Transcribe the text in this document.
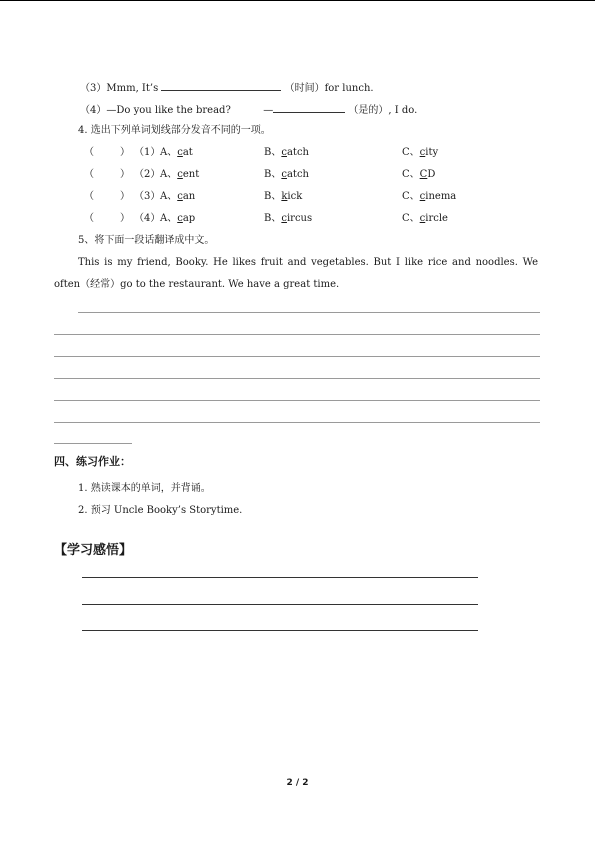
（3）Mmm, It’s	（时间）for lunch.
（4）—Do you like the bread?	—	（是的）, I do.
4. 选出下列单词划线部分发音不同的一项。
（	） （1） A、cat	B、catch	C、city
（	） （2） A、cent	B、catch	C、CD
（	） （3） A、can	B、kick	C、cinema
（	） （4） A、cap	B、circus	C、circle
5、将下面一段话翻译成中文。
This is my friend, Booky. He likes fruit and vegetables. But I like rice and noodles. We often（经常）go to the restaurant. We have a great time.
四、练习作业：
1. 熟读课本的单词，并背诵。
2. 预习 Uncle Booky’s Storytime.
【学习感悟】
2 / 2
